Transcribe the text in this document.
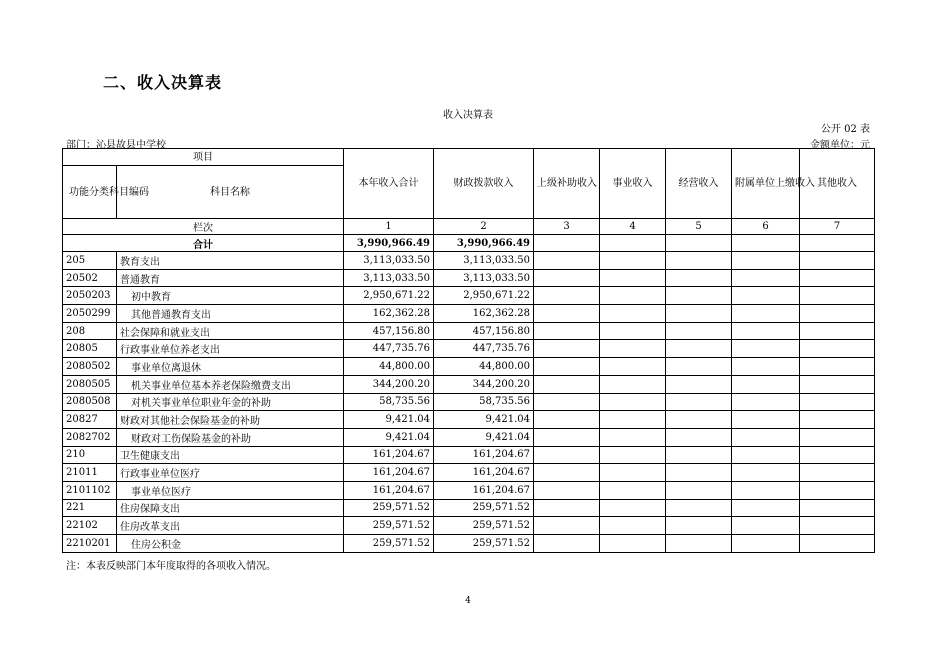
二、收入决算表
收入决算表
公开 02 表
部门：沁县故县中学校	金额单位：元
项目		本年收入合计	财政拨款收入	上级补助收入	事业收入	经营收入	附属单位上缴收入	其他收入
功能分类科目编码	科目名称							
栏次		1	2	3	4	5	6	7
合计		3,990,966.49	3,990,966.49					
205	教育支出	3,113,033.50	3,113,033.50					
20502	普通教育	3,113,033.50	3,113,033.50					
2050203	初中教育	2,950,671.22	2,950,671.22					
2050299	其他普通教育支出	162,362.28	162,362.28					
208	社会保障和就业支出	457,156.80	457,156.80					
20805	行政事业单位养老支出	447,735.76	447,735.76					
2080502	事业单位离退休	44,800.00	44,800.00					
2080505	机关事业单位基本养老保险缴费支出	344,200.20	344,200.20					
2080508	对机关事业单位职业年金的补助	58,735.56	58,735.56					
20827	财政对其他社会保险基金的补助	9,421.04	9,421.04					
2082702	财政对工伤保险基金的补助	9,421.04	9,421.04					
210	卫生健康支出	161,204.67	161,204.67					
21011	行政事业单位医疗	161,204.67	161,204.67					
2101102	事业单位医疗	161,204.67	161,204.67					
221	住房保障支出	259,571.52	259,571.52					
22102	住房改革支出	259,571.52	259,571.52					
2210201	住房公积金	259,571.52	259,571.52					
注：本表反映部门本年度取得的各项收入情况。
4
